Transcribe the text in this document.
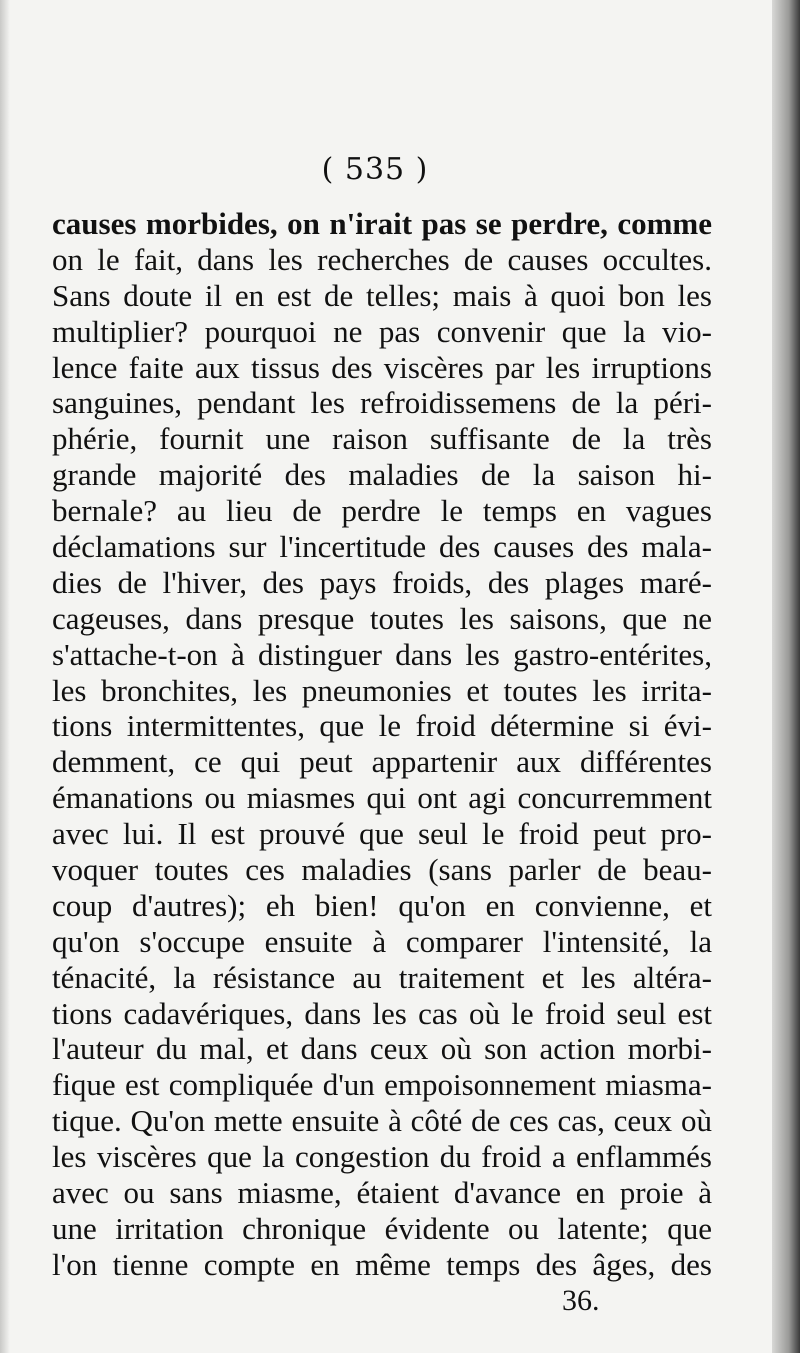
( 535 )
causes morbides, on n'irait pas se perdre, comme
on le fait, dans les recherches de causes occultes.
Sans doute il en est de telles; mais à quoi bon les
multiplier? pourquoi ne pas convenir que la vio-
lence faite aux tissus des viscères par les irruptions
sanguines, pendant les refroidissemens de la péri-
phérie, fournit une raison suffisante de la très
grande majorité des maladies de la saison hi-
bernale? au lieu de perdre le temps en vagues
déclamations sur l'incertitude des causes des mala-
dies de l'hiver, des pays froids, des plages maré-
cageuses, dans presque toutes les saisons, que ne
s'attache-t-on à distinguer dans les gastro-entérites,
les bronchites, les pneumonies et toutes les irrita-
tions intermittentes, que le froid détermine si évi-
demment, ce qui peut appartenir aux différentes
émanations ou miasmes qui ont agi concurremment
avec lui. Il est prouvé que seul le froid peut pro-
voquer toutes ces maladies (sans parler de beau-
coup d'autres); eh bien! qu'on en convienne, et
qu'on s'occupe ensuite à comparer l'intensité, la
ténacité, la résistance au traitement et les altéra-
tions cadavériques, dans les cas où le froid seul est
l'auteur du mal, et dans ceux où son action morbi-
fique est compliquée d'un empoisonnement miasma-
tique. Qu'on mette ensuite à côté de ces cas, ceux où
les viscères que la congestion du froid a enflammés
avec ou sans miasme, étaient d'avance en proie à
une irritation chronique évidente ou latente; que
l'on tienne compte en même temps des âges, des
36.
